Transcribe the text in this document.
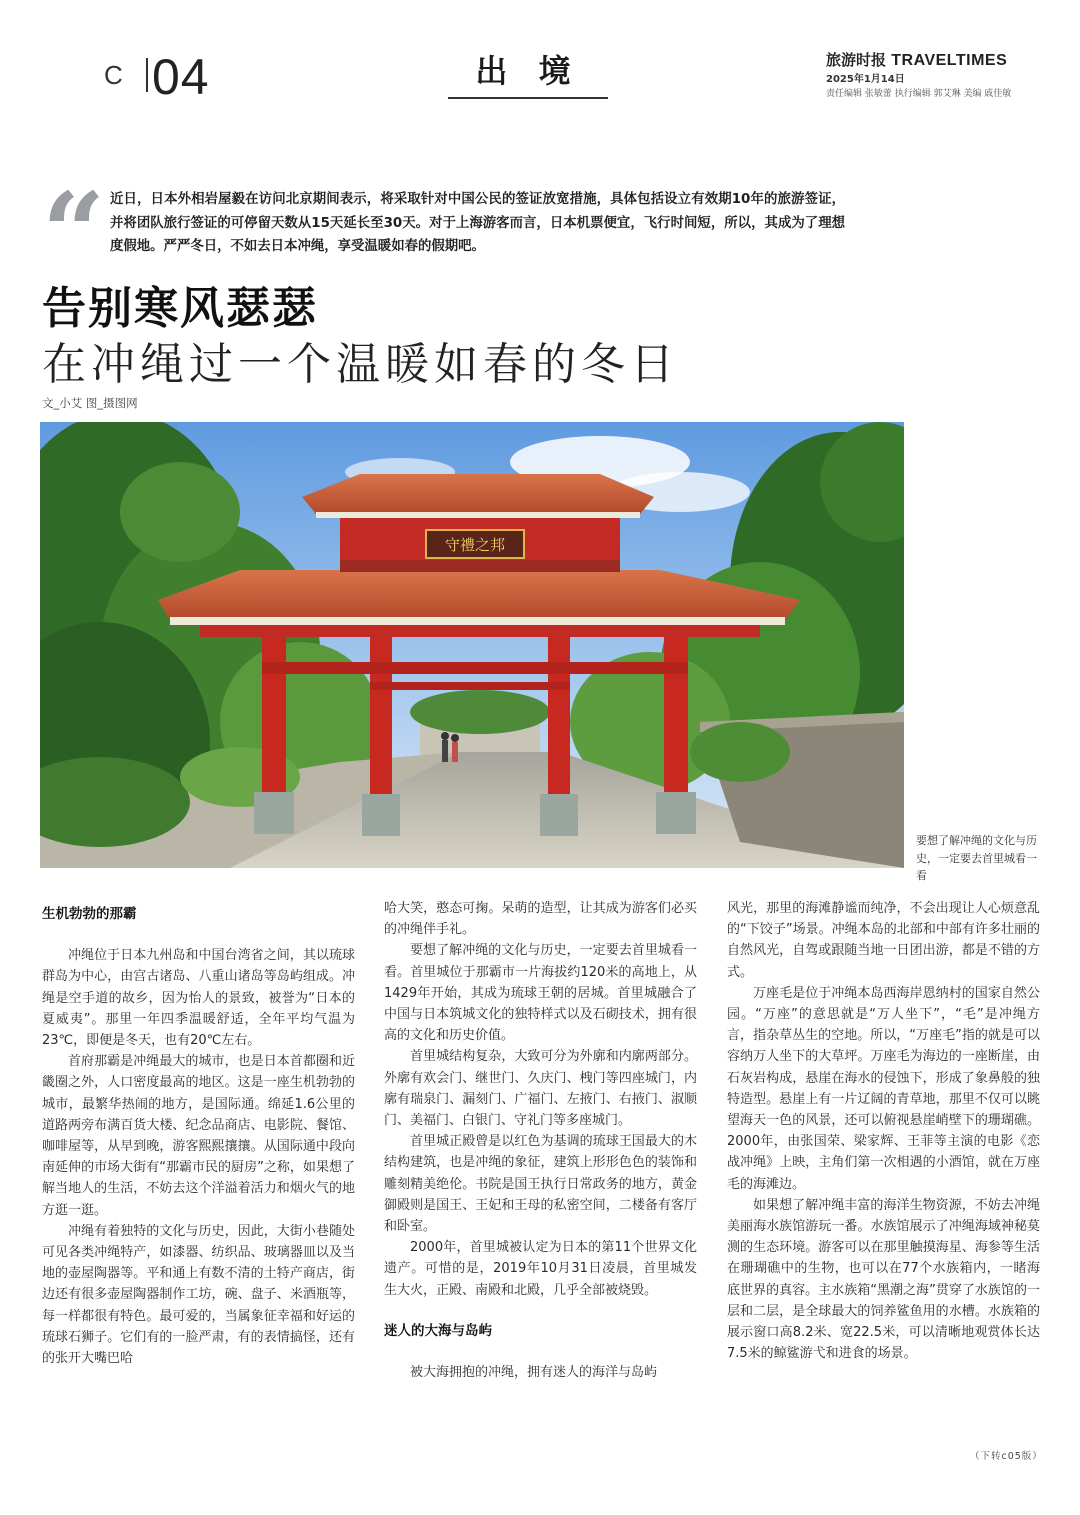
C 04	出 境	旅游时报 TRAVELTIMES
2025年1月14日
责任编辑 张敏蕾 执行编辑 郭艾琳 美编 戚佳敏
“ 近日，日本外相岩屋毅在访问北京期间表示，将采取针对中国公民的签证放宽措施，具体包括设立有效期10年的旅游签证，并将团队旅行签证的可停留天数从15天延长至30天。对于上海游客而言，日本机票便宜，飞行时间短，所以，其成为了理想度假地。严严冬日，不如去日本冲绳，享受温暖如春的假期吧。
告别寒风瑟瑟
在冲绳过一个温暖如春的冬日
文_小艾 图_摄图网
守禮之邦
要想了解冲绳的文化与历史，一定要去首里城看一看
生机勃勃的那霸

冲绳位于日本九州岛和中国台湾省之间，其以琉球群岛为中心，由宫古诸岛、八重山诸岛等岛屿组成。冲绳是空手道的故乡，因为怡人的景致，被誉为“日本的夏威夷”。那里一年四季温暖舒适，全年平均气温为23℃，即便是冬天，也有20℃左右。

首府那霸是冲绳最大的城市，也是日本首都圈和近畿圈之外，人口密度最高的地区。这是一座生机勃勃的城市，最繁华热闹的地方，是国际通。绵延1.6公里的道路两旁布满百货大楼、纪念品商店、电影院、餐馆、咖啡屋等，从早到晚，游客熙熙攘攘。从国际通中段向南延伸的市场大街有“那霸市民的厨房”之称，如果想了解当地人的生活，不妨去这个洋溢着活力和烟火气的地方逛一逛。

冲绳有着独特的文化与历史，因此，大街小巷随处可见各类冲绳特产，如漆器、纺织品、玻璃器皿以及当地的壶屋陶器等。平和通上有数不清的土特产商店，街边还有很多壶屋陶器制作工坊，碗、盘子、米酒瓶等，每一样都很有特色。最可爱的，当属象征幸福和好运的琉球石狮子。它们有的一脸严肃，有的表情搞怪，还有的张开大嘴巴哈

哈大笑，憨态可掬。呆萌的造型，让其成为游客们必买的冲绳伴手礼。

要想了解冲绳的文化与历史，一定要去首里城看一看。首里城位于那霸市一片海拔约120米的高地上，从1429年开始，其成为琉球王朝的居城。首里城融合了中国与日本筑城文化的独特样式以及石砌技术，拥有很高的文化和历史价值。

首里城结构复杂，大致可分为外廓和内廓两部分。外廓有欢会门、继世门、久庆门、栧门等四座城门，内廓有瑞泉门、漏刻门、广福门、左掖门、右掖门、淑顺门、美福门、白银门、守礼门等多座城门。

首里城正殿曾是以红色为基调的琉球王国最大的木结构建筑，也是冲绳的象征，建筑上形形色色的装饰和雕刻精美绝伦。书院是国王执行日常政务的地方，黄金御殿则是国王、王妃和王母的私密空间，二楼备有客厅和卧室。

2000年，首里城被认定为日本的第11个世界文化遗产。可惜的是，2019年10月31日凌晨，首里城发生大火，正殿、南殿和北殿，几乎全部被烧毁。

迷人的大海与岛屿

被大海拥抱的冲绳，拥有迷人的海洋与岛屿

风光，那里的海滩静谧而纯净，不会出现让人心烦意乱的“下饺子”场景。冲绳本岛的北部和中部有许多壮丽的自然风光，自驾或跟随当地一日团出游，都是不错的方式。

万座毛是位于冲绳本岛西海岸恩纳村的国家自然公园。“万座”的意思就是“万人坐下”，“毛”是冲绳方言，指杂草丛生的空地。所以，“万座毛”指的就是可以容纳万人坐下的大草坪。万座毛为海边的一座断崖，由石灰岩构成，悬崖在海水的侵蚀下，形成了象鼻般的独特造型。悬崖上有一片辽阔的青草地，那里不仅可以眺望海天一色的风景，还可以俯视悬崖峭壁下的珊瑚礁。2000年，由张国荣、梁家辉、王菲等主演的电影《恋战冲绳》上映，主角们第一次相遇的小酒馆，就在万座毛的海滩边。

如果想了解冲绳丰富的海洋生物资源，不妨去冲绳美丽海水族馆游玩一番。水族馆展示了冲绳海域神秘莫测的生态环境。游客可以在那里触摸海星、海参等生活在珊瑚礁中的生物，也可以在77个水族箱内，一睹海底世界的真容。主水族箱“黑潮之海”贯穿了水族馆的一层和二层，是全球最大的饲养鲨鱼用的水槽。水族箱的展示窗口高8.2米、宽22.5米，可以清晰地观赏体长达7.5米的鲸鲨游弋和进食的场景。

（下转c05版）
